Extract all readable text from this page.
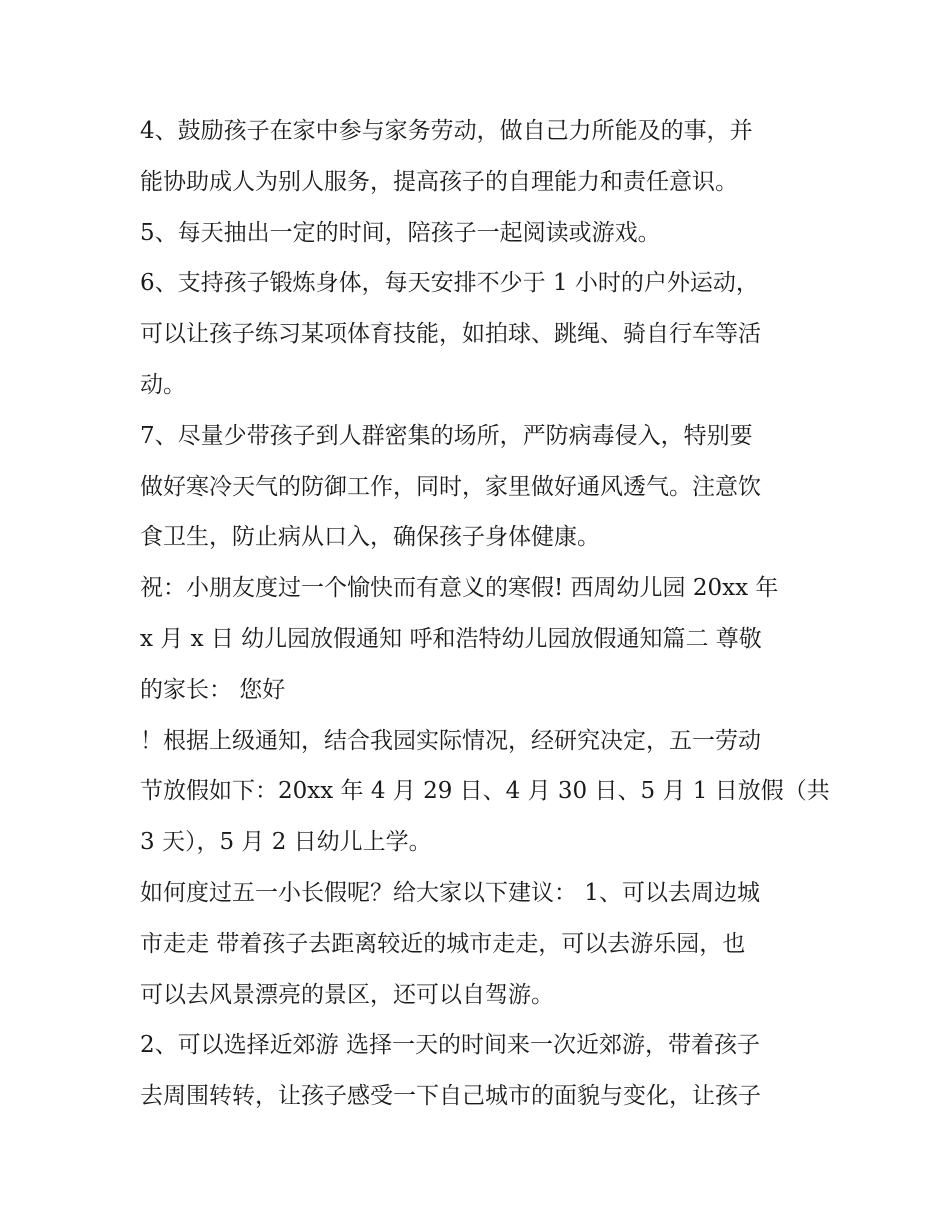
4、鼓励孩子在家中参与家务劳动，做自己力所能及的事，并
能协助成人为别人服务，提高孩子的自理能力和责任意识。
5、每天抽出一定的时间，陪孩子一起阅读或游戏。
6、支持孩子锻炼身体，每天安排不少于 1 小时的户外运动，
可以让孩子练习某项体育技能，如拍球、跳绳、骑自行车等活
动。
7、尽量少带孩子到人群密集的场所，严防病毒侵入，特别要
做好寒冷天气的防御工作，同时，家里做好通风透气。注意饮
食卫生，防止病从口入，确保孩子身体健康。
祝：小朋友度过一个愉快而有意义的寒假! 西周幼儿园 20xx 年
x 月 x 日 幼儿园放假通知 呼和浩特幼儿园放假通知篇二 尊敬
的家长： 您好
！根据上级通知，结合我园实际情况，经研究决定，五一劳动
节放假如下：20xx 年 4 月 29 日、4 月 30 日、5 月 1 日放假（共
3 天），5 月 2 日幼儿上学。
如何度过五一小长假呢？给大家以下建议： 1、可以去周边城
市走走 带着孩子去距离较近的城市走走，可以去游乐园，也
可以去风景漂亮的景区，还可以自驾游。
2、可以选择近郊游 选择一天的时间来一次近郊游，带着孩子
去周围转转，让孩子感受一下自己城市的面貌与变化，让孩子
